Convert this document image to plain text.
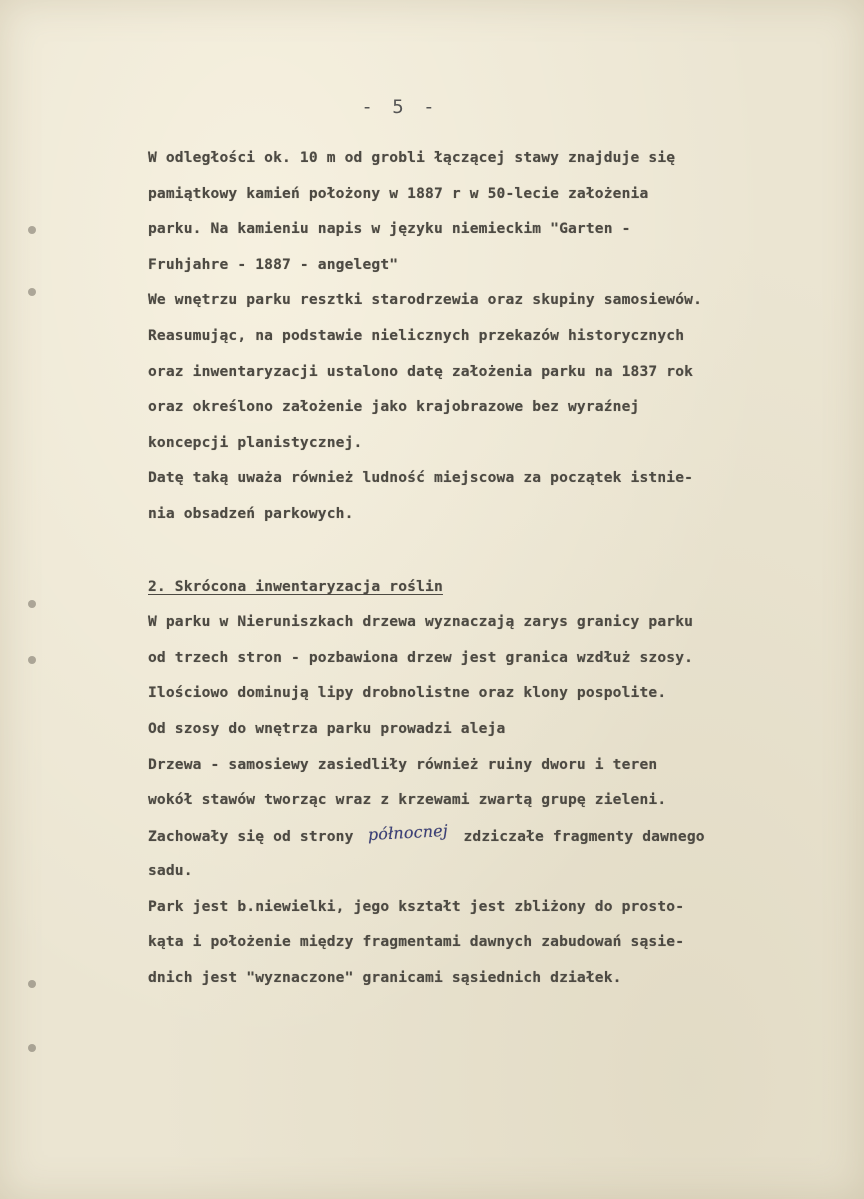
- 5 -
W odległości ok. 10 m od grobli łączącej stawy znajduje się
pamiątkowy kamień położony w 1887 r w 50-lecie założenia
parku. Na kamieniu napis w języku niemieckim "Garten -
Fruhjahre - 1887 - angelegt"
We wnętrzu parku resztki starodrzewia oraz skupiny samosiewów.
Reasumując, na podstawie nielicznych przekazów historycznych
oraz inwentaryzacji ustalono datę założenia parku na 1837 rok
oraz określono założenie jako krajobrazowe bez wyraźnej
koncepcji planistycznej.
Datę taką uważa również ludność miejscowa za początek istnie-
nia obsadzeń parkowych.
2. Skrócona inwentaryzacja roślin
W parku w Nieruniszkach drzewa wyznaczają zarys granicy parku
od trzech stron - pozbawiona drzew jest granica wzdłuż szosy.
Ilościowo dominują lipy drobnolistne oraz klony pospolite.
Od szosy do wnętrza parku prowadzi aleja
Drzewa - samosiewy zasiedliły również ruiny dworu i teren
wokół stawów tworząc wraz z krzewami zwartą grupę zieleni.
Zachowały się od strony północnej zdziczałe fragmenty dawnego
sadu.
Park jest b.niewielki, jego kształt jest zbliżony do prosto-
kąta i położenie między fragmentami dawnych zabudowań sąsie-
dnich jest "wyznaczone" granicami sąsiednich działek.
